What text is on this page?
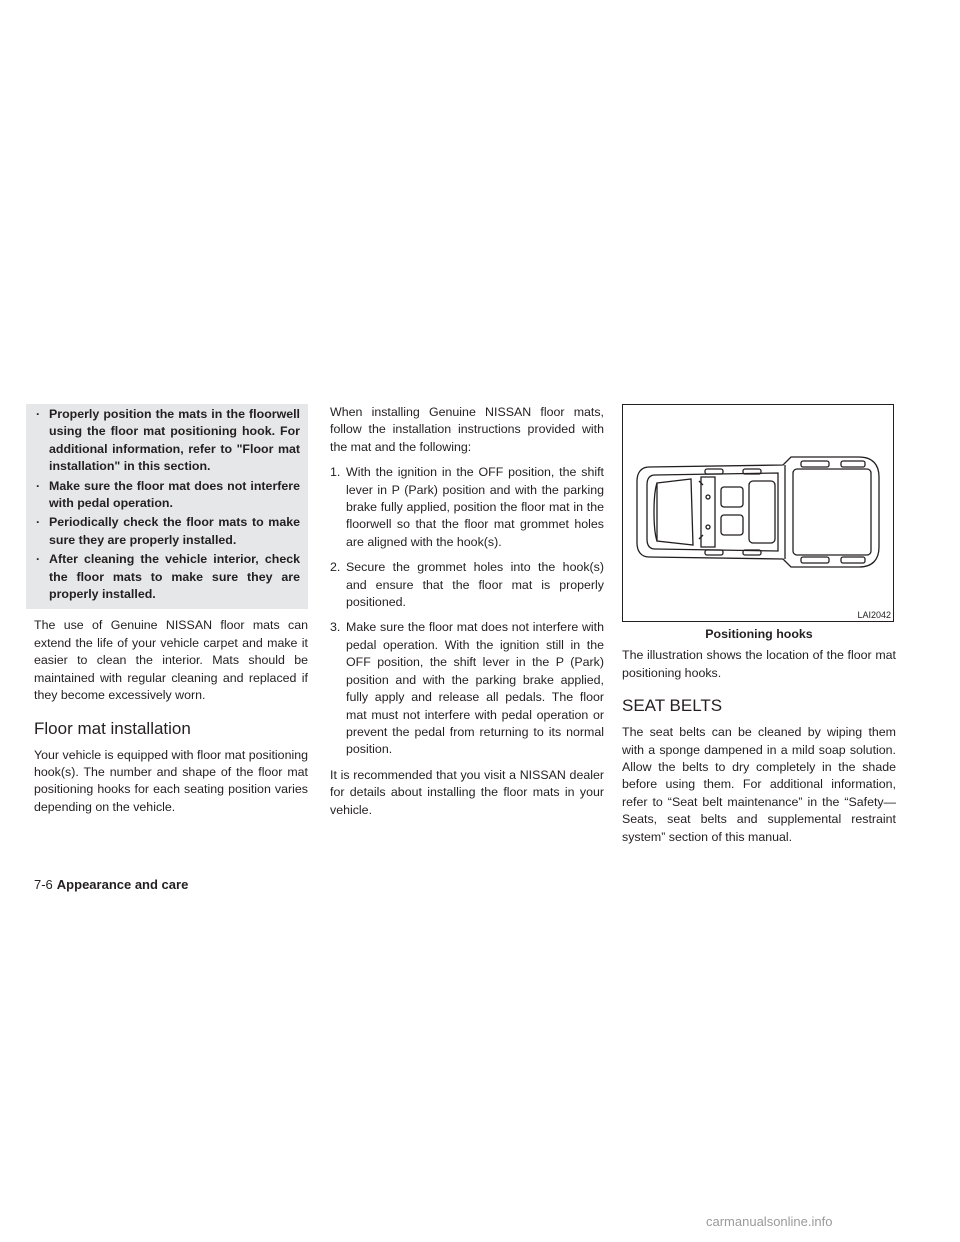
· Properly position the mats in the floorwell using the floor mat positioning hook. For additional information, refer to "Floor mat installation" in this section.
· Make sure the floor mat does not interfere with pedal operation.
· Periodically check the floor mats to make sure they are properly installed.
· After cleaning the vehicle interior, check the floor mats to make sure they are properly installed.

The use of Genuine NISSAN floor mats can extend the life of your vehicle carpet and make it easier to clean the interior. Mats should be maintained with regular cleaning and replaced if they become excessively worn.

Floor mat installation

Your vehicle is equipped with floor mat positioning hook(s). The number and shape of the floor mat positioning hooks for each seating position varies depending on the vehicle.

When installing Genuine NISSAN floor mats, follow the installation instructions provided with the mat and the following:

1. With the ignition in the OFF position, the shift lever in P (Park) position and with the parking brake fully applied, position the floor mat in the floorwell so that the floor mat grommet holes are aligned with the hook(s).
2. Secure the grommet holes into the hook(s) and ensure that the floor mat is properly positioned.
3. Make sure the floor mat does not interfere with pedal operation. With the ignition still in the OFF position, the shift lever in the P (Park) position and with the parking brake applied, fully apply and release all pedals. The floor mat must not interfere with pedal operation or prevent the pedal from returning to its normal position.

It is recommended that you visit a NISSAN dealer for details about installing the floor mats in your vehicle.

LAI2042
Positioning hooks

The illustration shows the location of the floor mat positioning hooks.

SEAT BELTS

The seat belts can be cleaned by wiping them with a sponge dampened in a mild soap solution. Allow the belts to dry completely in the shade before using them. For additional information, refer to “Seat belt maintenance” in the “Safety—Seats, seat belts and supplemental restraint system” section of this manual.

7-6 Appearance and care
carmanualsonline.info
